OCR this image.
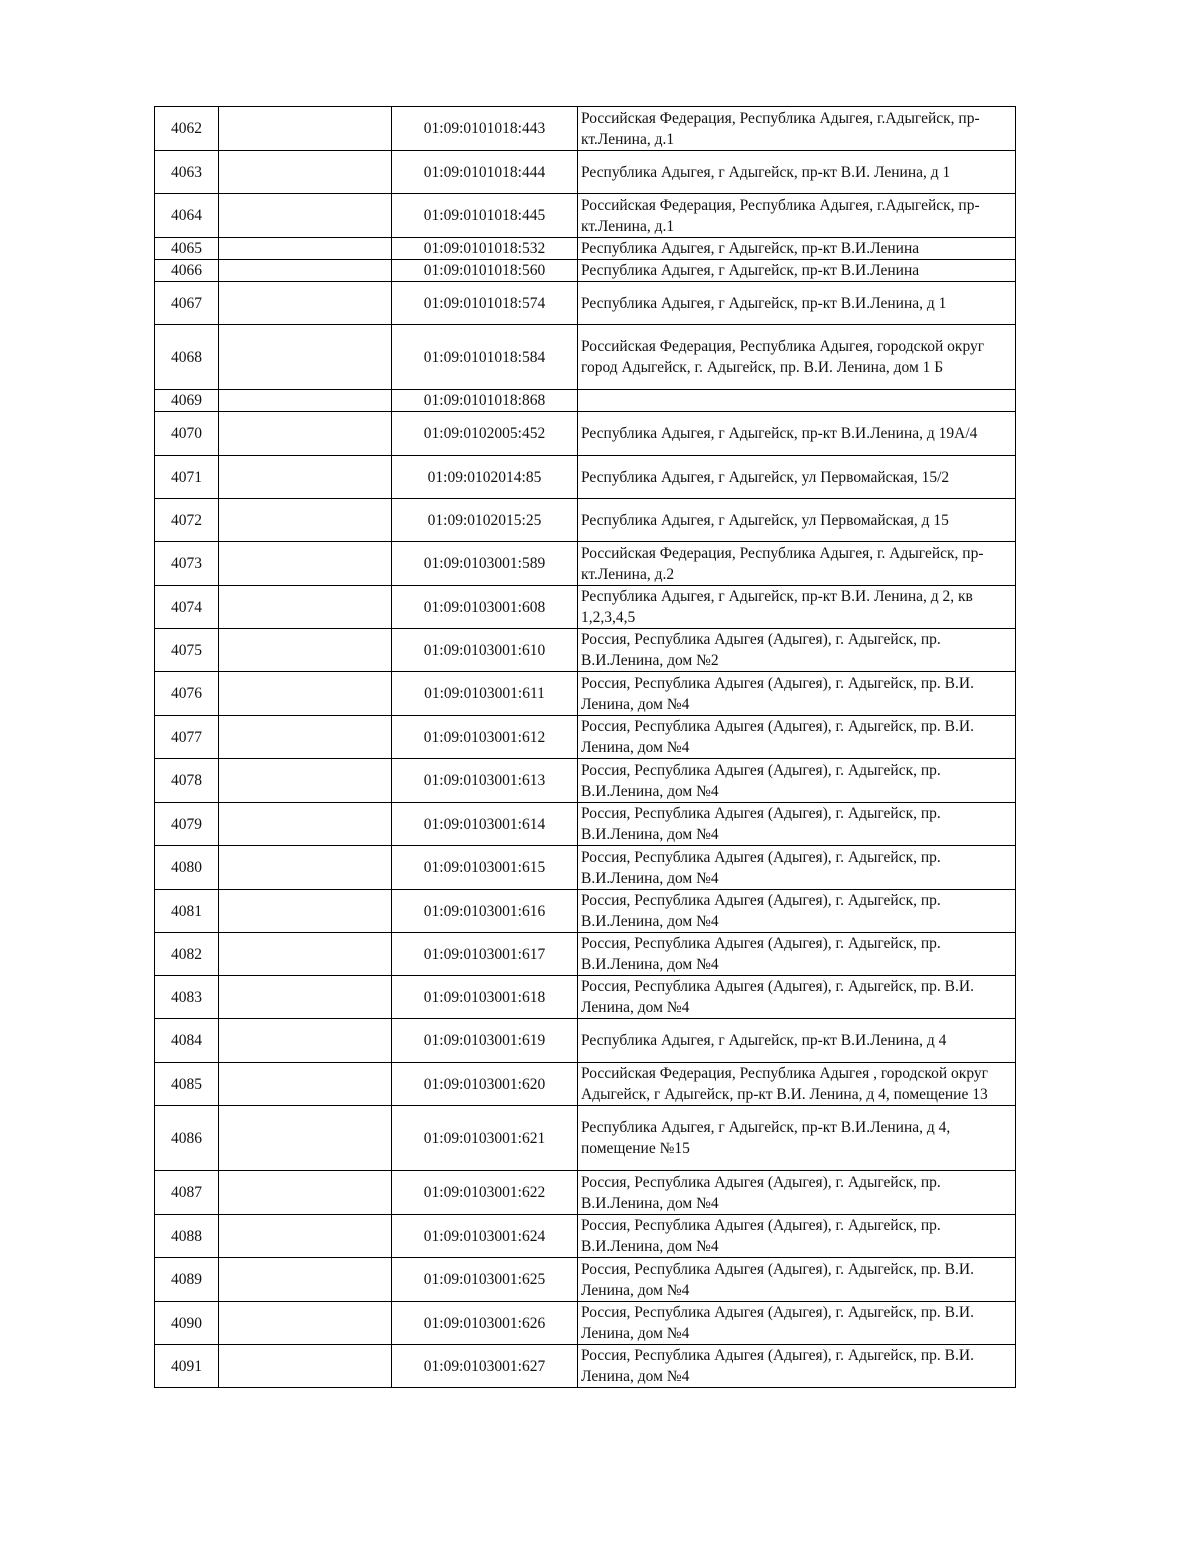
4062		01:09:0101018:443	Российская Федерация, Республика Адыгея, г.Адыгейск, пр-кт.Ленина, д.1
4063		01:09:0101018:444	Республика Адыгея, г Адыгейск, пр-кт В.И. Ленина, д 1
4064		01:09:0101018:445	Российская Федерация, Республика Адыгея, г.Адыгейск, пр-кт.Ленина, д.1
4065		01:09:0101018:532	Республика Адыгея, г Адыгейск, пр-кт В.И.Ленина
4066		01:09:0101018:560	Республика Адыгея, г Адыгейск, пр-кт В.И.Ленина
4067		01:09:0101018:574	Республика Адыгея, г Адыгейск, пр-кт В.И.Ленина, д 1
4068		01:09:0101018:584	Российская Федерация, Республика Адыгея, городской округ город Адыгейск, г. Адыгейск, пр. В.И. Ленина, дом 1 Б
4069		01:09:0101018:868	
4070		01:09:0102005:452	Республика Адыгея, г Адыгейск, пр-кт В.И.Ленина, д 19А/4
4071		01:09:0102014:85	Республика Адыгея, г Адыгейск, ул Первомайская, 15/2
4072		01:09:0102015:25	Республика Адыгея, г Адыгейск, ул Первомайская, д 15
4073		01:09:0103001:589	Российская Федерация, Республика Адыгея, г. Адыгейск, пр-кт.Ленина, д.2
4074		01:09:0103001:608	Республика Адыгея, г Адыгейск, пр-кт В.И. Ленина, д 2, кв 1,2,3,4,5
4075		01:09:0103001:610	Россия, Республика Адыгея (Адыгея), г. Адыгейск, пр. В.И.Ленина, дом №2
4076		01:09:0103001:611	Россия, Республика Адыгея (Адыгея), г. Адыгейск, пр. В.И. Ленина, дом №4
4077		01:09:0103001:612	Россия, Республика Адыгея (Адыгея), г. Адыгейск, пр. В.И. Ленина, дом №4
4078		01:09:0103001:613	Россия, Республика Адыгея (Адыгея), г. Адыгейск, пр. В.И.Ленина, дом №4
4079		01:09:0103001:614	Россия, Республика Адыгея (Адыгея), г. Адыгейск, пр. В.И.Ленина, дом №4
4080		01:09:0103001:615	Россия, Республика Адыгея (Адыгея), г. Адыгейск, пр. В.И.Ленина, дом №4
4081		01:09:0103001:616	Россия, Республика Адыгея (Адыгея), г. Адыгейск, пр. В.И.Ленина, дом №4
4082		01:09:0103001:617	Россия, Республика Адыгея (Адыгея), г. Адыгейск, пр. В.И.Ленина, дом №4
4083		01:09:0103001:618	Россия, Республика Адыгея (Адыгея), г. Адыгейск, пр. В.И. Ленина, дом №4
4084		01:09:0103001:619	Республика Адыгея, г Адыгейск, пр-кт В.И.Ленина, д 4
4085		01:09:0103001:620	Российская Федерация, Республика Адыгея , городской округ Адыгейск, г Адыгейск, пр-кт В.И. Ленина, д 4, помещение 13
4086		01:09:0103001:621	Республика Адыгея, г Адыгейск, пр-кт В.И.Ленина, д 4, помещение №15
4087		01:09:0103001:622	Россия, Республика Адыгея (Адыгея), г. Адыгейск, пр. В.И.Ленина, дом №4
4088		01:09:0103001:624	Россия, Республика Адыгея (Адыгея), г. Адыгейск, пр. В.И.Ленина, дом №4
4089		01:09:0103001:625	Россия, Республика Адыгея (Адыгея), г. Адыгейск, пр. В.И. Ленина, дом №4
4090		01:09:0103001:626	Россия, Республика Адыгея (Адыгея), г. Адыгейск, пр. В.И. Ленина, дом №4
4091		01:09:0103001:627	Россия, Республика Адыгея (Адыгея), г. Адыгейск, пр. В.И. Ленина, дом №4
